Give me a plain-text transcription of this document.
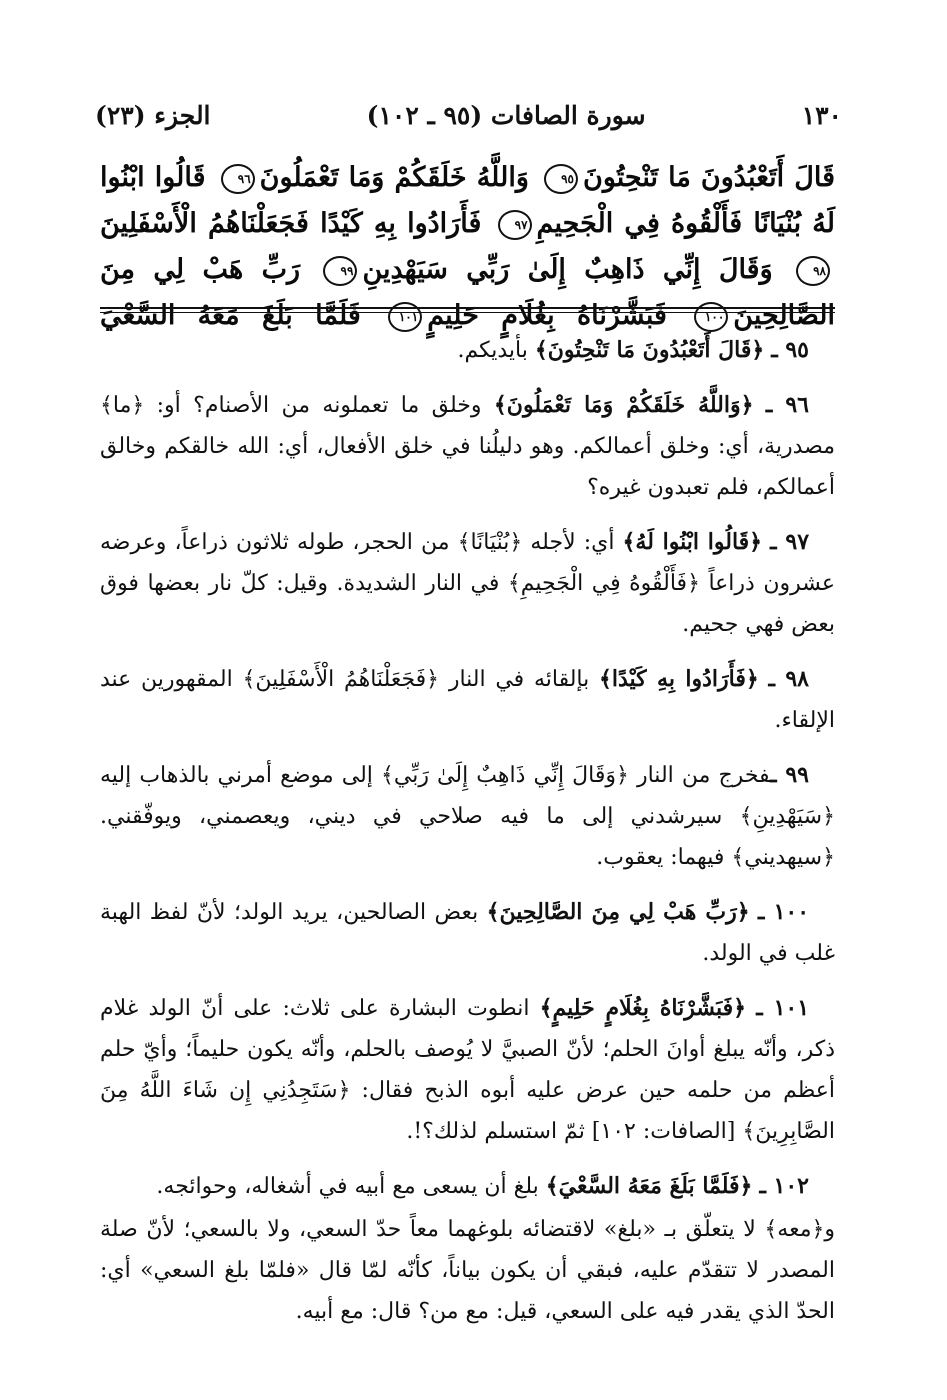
١٣٠
سورة الصافات (٩٥ ـ ١٠٢)
الجزء (٢٣)
قَالَ أَتَعْبُدُونَ مَا تَنْحِتُونَ٩٥ وَاللَّهُ خَلَقَكُمْ وَمَا تَعْمَلُونَ٩٦ قَالُوا ابْنُوا لَهُ بُنْيَانًا فَأَلْقُوهُ فِي الْجَحِيمِ٩٧ فَأَرَادُوا بِهِ كَيْدًا فَجَعَلْنَاهُمُ الْأَسْفَلِينَ٩٨ وَقَالَ إِنِّي ذَاهِبٌ إِلَىٰ رَبِّي سَيَهْدِينِ٩٩ رَبِّ هَبْ لِي مِنَ الصَّالِحِينَ١٠٠ فَبَشَّرْنَاهُ بِغُلَامٍ حَلِيمٍ١٠١ فَلَمَّا بَلَغَ مَعَهُ السَّعْيَ

٩٥ ـ ﴿قَالَ أَتَعْبُدُونَ مَا تَنْحِتُونَ﴾ بأيديكم.

٩٦ ـ ﴿وَاللَّهُ خَلَقَكُمْ وَمَا تَعْمَلُونَ﴾ وخلق ما تعملونه من الأصنام؟ أو: ﴿ما﴾ مصدرية، أي: وخلق أعمالكم. وهو دليلُنا في خلق الأفعال، أي: الله خالقكم وخالق أعمالكم، فلم تعبدون غيره؟

٩٧ ـ ﴿قَالُوا ابْنُوا لَهُ﴾ أي: لأجله ﴿بُنْيَانًا﴾ من الحجر، طوله ثلاثون ذراعاً، وعرضه عشرون ذراعاً ﴿فَأَلْقُوهُ فِي الْجَحِيمِ﴾ في النار الشديدة. وقيل: كلّ نار بعضها فوق بعض فهي جحيم.

٩٨ ـ ﴿فَأَرَادُوا بِهِ كَيْدًا﴾ بإلقائه في النار ﴿فَجَعَلْنَاهُمُ الْأَسْفَلِينَ﴾ المقهورين عند الإلقاء.

٩٩ ـفخرج من النار ﴿وَقَالَ إِنِّي ذَاهِبٌ إِلَىٰ رَبِّي﴾ إلى موضع أمرني بالذهاب إليه ﴿سَيَهْدِينِ﴾ سيرشدني إلى ما فيه صلاحي في ديني، ويعصمني، ويوفّقني. ﴿سيهديني﴾ فيهما: يعقوب.

١٠٠ ـ ﴿رَبِّ هَبْ لِي مِنَ الصَّالِحِينَ﴾ بعض الصالحين، يريد الولد؛ لأنّ لفظ الهبة غلب في الولد.

١٠١ ـ ﴿فَبَشَّرْنَاهُ بِغُلَامٍ حَلِيمٍ﴾ انطوت البشارة على ثلاث: على أنّ الولد غلام ذكر، وأنّه يبلغ أوانَ الحلم؛ لأنّ الصبيَّ لا يُوصف بالحلم، وأنّه يكون حليماً؛ وأيّ حلم أعظم من حلمه حين عرض عليه أبوه الذبح فقال: ﴿سَتَجِدُنِي إِن شَاءَ اللَّهُ مِنَ الصَّابِرِينَ﴾ [الصافات: ١٠٢] ثمّ استسلم لذلك؟!.

١٠٢ ـ ﴿فَلَمَّا بَلَغَ مَعَهُ السَّعْيَ﴾ بلغ أن يسعى مع أبيه في أشغاله، وحوائجه.

و﴿معه﴾ لا يتعلّق بـ «بلغ» لاقتضائه بلوغهما معاً حدّ السعي، ولا بالسعي؛ لأنّ صلة المصدر لا تتقدّم عليه، فبقي أن يكون بياناً، كأنّه لمّا قال «فلمّا بلغ السعي» أي: الحدّ الذي يقدر فيه على السعي، قيل: مع من؟ قال: مع أبيه.
